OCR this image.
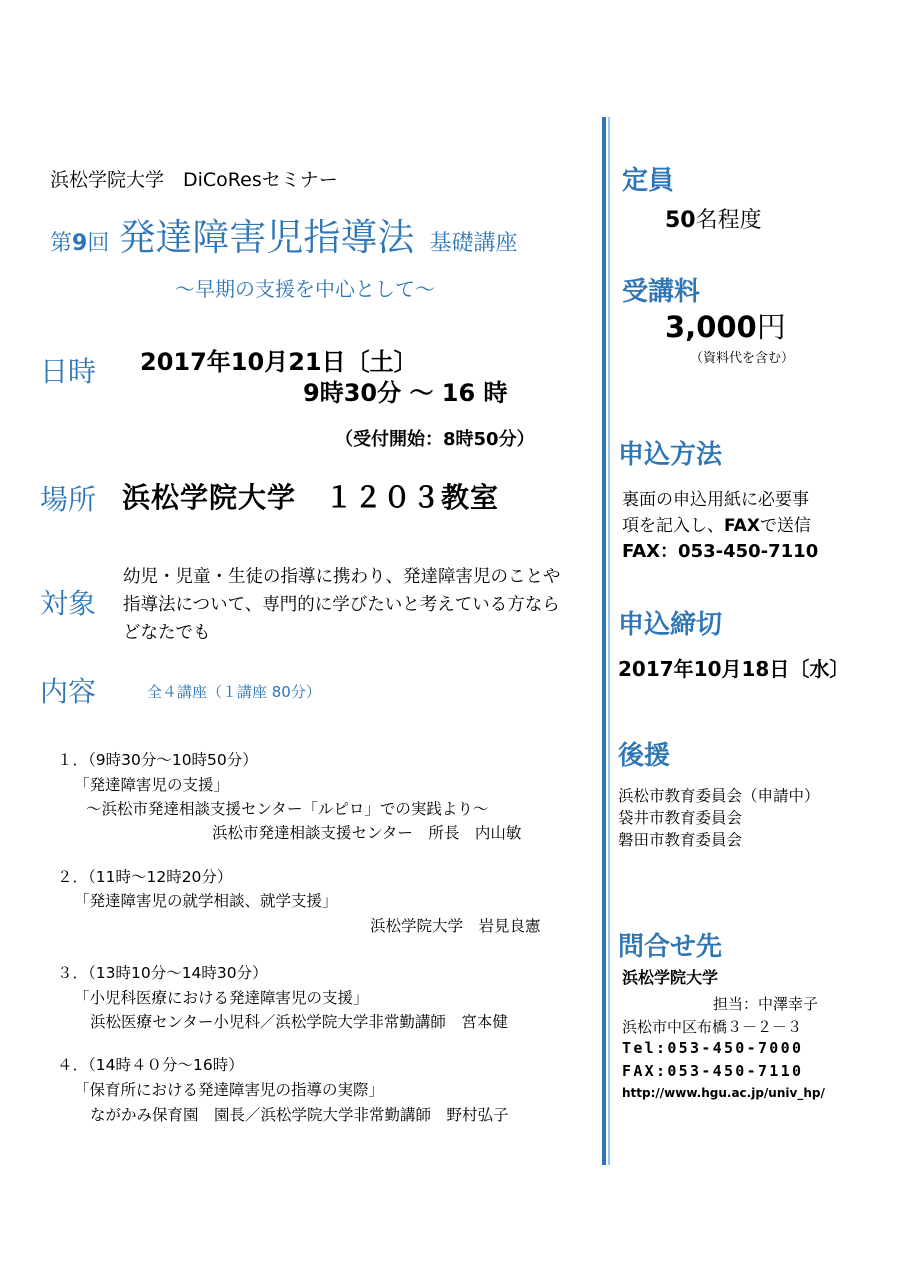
浜松学院大学　DiCoResセミナー
第9回 発達障害児指導法 基礎講座
～早期の支援を中心として～
日時 2017年10月21日〔土〕
9時30分 ～ 16 時
（受付開始：8時50分）
場所 浜松学院大学　１２０３教室
対象
幼児・児童・生徒の指導に携わり、発達障害児のことや
指導法について、専門的に学びたいと考えている方なら
どなたでも
内容	全４講座（１講座 80分）
１．（9時30分～10時50分）
「発達障害児の支援」
～浜松市発達相談支援センター「ルピロ」での実践より～
浜松市発達相談支援センター　所長　内山敏
２．（11時～12時20分）
「発達障害児の就学相談、就学支援」
浜松学院大学　岩見良憲
３．（13時10分～14時30分）
「小児科医療における発達障害児の支援」
浜松医療センター小児科／浜松学院大学非常勤講師　宮本健
４．（14時４０分～16時）
「保育所における発達障害児の指導の実際」
ながかみ保育園　園長／浜松学院大学非常勤講師　野村弘子
定員
50名程度
受講料
3,000円
（資料代を含む）
申込方法
裏面の申込用紙に必要事
項を記入し、FAXで送信
FAX：053-450-7110
申込締切
2017年10月18日〔水〕
後援
浜松市教育委員会（申請中）
袋井市教育委員会
磐田市教育委員会
問合せ先
浜松学院大学
担当：中澤幸子
浜松市中区布橋３－２－３
Tel:053-450-7000
FAX:053-450-7110
http://www.hgu.ac.jp/univ_hp/
